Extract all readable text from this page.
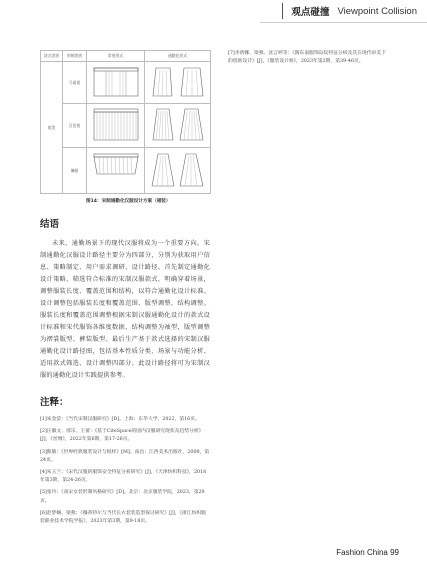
观点碰撞 Viewpoint Collision
款式类别	形制类别	常规形式	通勤化形式
裙类	马面裙		
	百迭裙		
	襕裙		
图14：宋制通勤化汉服设计方案（裙装）
结语

未来，通勤场景下的现代汉服将成为一个重要方向。宋制通勤化汉服设计路径主要分为四部分，分别为获取用户信息、策略制定、用户需求调研、设计路径。首先制定通勤化设计策略，筛选符合标准的宋制汉服款式，明确穿着场景，调整服装长度、覆盖范围和结构，以符合通勤化设计标准。设计调整包括服装长度和覆盖范围、版型调整、结构调整。服装长度和覆盖范围调整根据宋制汉服通勤化设计的款式设计标准和宋代服饰各维度数据，结构调整为袖型，版型调整为褶裳版型、裤装版型。最后生产基于款式选择的宋制汉服通勤化设计路径图，包括基本性质分类、场景与功能分析、适用款式筛选、设计调整四部分。此设计路径将可为宋制汉服的通勤化设计实践提供参考。

注释：
[1]朱金萤：《当代宋制汉服研究》[D]。上海：东华大学，2022，第16页。
[2]汪徽文、邢乐、王蕾：《基于CiteSpace的国内汉服研究现状及趋势分析》[J]，《丝绸》，2022年第6期，第17-26页。
[3]熊敏：《世界经典服装设计与纸样》[M]。南昌：江西美术出版社，2009，第24页。
[4]朱玉兰：《宋代汉服的服饰安全特征分析研究》[J]，《天津纺织科技》，2018年第3期，第24-26页。
[5]张玲：《南宋女装形制风格研究》[D]。北京：北京服装学院，2023，第29页。
[6]赵梦娴、梁燕：《穆蒂特尔与当代长衣套装造型探讨研究》[J]，《浙江纺织服装职业技术学院学报》，2023年第3期，第9-18页。
[7]李倩娜、梁燕、沈言婷等：《陶东南服饰岛纹特征分析及其在现代审美下的创新设计》[J]，《服装设计师》，2023年第2期，第39-46页。
Fashion China 99
